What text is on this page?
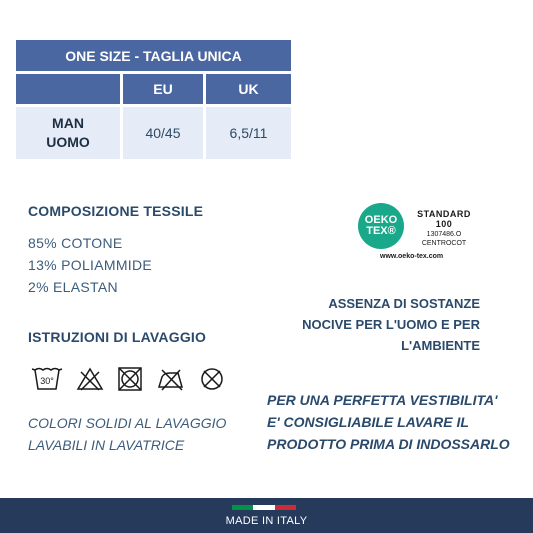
ONE SIZE - TAGLIA UNICA
EU	UK
MAN
UOMO
40/45	6,5/11
COMPOSIZIONE TESSILE
85% COTONE
13% POLIAMMIDE
2% ELASTAN
ISTRUZIONI DI LAVAGGIO
30°
COLORI SOLIDI AL LAVAGGIO
LAVABILI IN LAVATRICE
OEKO
TEX®
STANDARD
100
1307486.O
CENTROCOT
www.oeko-tex.com
ASSENZA DI SOSTANZE
NOCIVE PER L'UOMO E PER
L'AMBIENTE
PER UNA PERFETTA VESTIBILITA'
E' CONSIGLIABILE LAVARE IL
PRODOTTO PRIMA DI INDOSSARLO
MADE IN ITALY
